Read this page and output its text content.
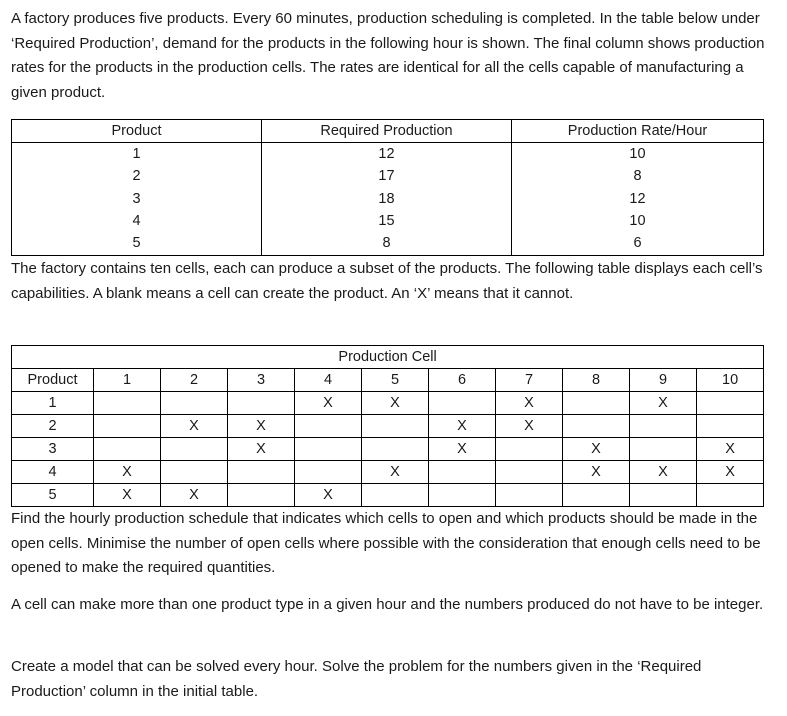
A factory produces five products. Every 60 minutes, production scheduling is completed. In the table below under ‘Required Production’, demand for the products in the following hour is shown. The final column shows production rates for the products in the production cells. The rates are identical for all the cells capable of manufacturing a given product.

Product	Required Production	Production Rate/Hour
1	12	10
2	17	8
3	18	12
4	15	10
5	8	6

The factory contains ten cells, each can produce a subset of the products. The following table displays each cell’s capabilities. A blank means a cell can create the product. An ‘X’ means that it cannot.

Production Cell										
Product	1	2	3	4	5	6	7	8	9	10
1				X	X		X		X	
2		X	X			X	X			
3			X			X		X		X
4	X				X			X	X	X
5	X	X		X						

Find the hourly production schedule that indicates which cells to open and which products should be made in the open cells. Minimise the number of open cells where possible with the consideration that enough cells need to be opened to make the required quantities.

A cell can make more than one product type in a given hour and the numbers produced do not have to be integer.

Create a model that can be solved every hour. Solve the problem for the numbers given in the ‘Required Production’ column in the initial table.
